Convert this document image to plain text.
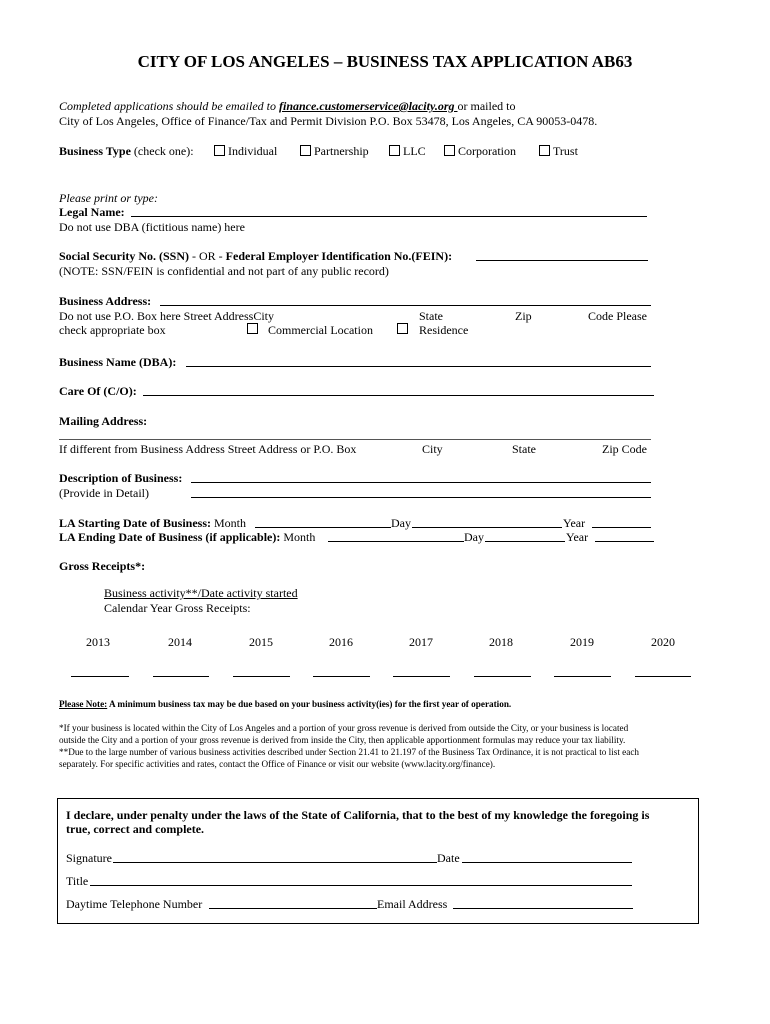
CITY OF LOS ANGELES – BUSINESS TAX APPLICATION AB63
Completed applications should be emailed to finance.customerservice@lacity.org or mailed to
City of Los Angeles, Office of Finance/Tax and Permit Division P.O. Box 53478, Los Angeles, CA 90053-0478.
Business Type (check one):	Individual	Partnership	LLC	Corporation	Trust
Please print or type:
Legal Name:
Do not use DBA (fictitious name) here
Social Security No. (SSN) - OR - Federal Employer Identification No.(FEIN):
(NOTE: SSN/FEIN is confidential and not part of any public record)
Business Address:
Do not use P.O. Box here Street AddressCity	State	Zip	Code Please
check appropriate box	Commercial Location	Residence
Business Name (DBA):
Care Of (C/O):
Mailing Address:
If different from Business Address Street Address or P.O. Box	City	State	Zip Code
Description of Business:
(Provide in Detail)
LA Starting Date of Business: Month	Day	Year
LA Ending Date of Business (if applicable): Month	Day	Year
Gross Receipts*:
Business activity**/Date activity started
Calendar Year Gross Receipts:
2013	2014	2015	2016	2017	2018	2019	2020
Please Note: A minimum business tax may be due based on your business activity(ies) for the first year of operation.
*If your business is located within the City of Los Angeles and a portion of your gross revenue is derived from outside the City, or your business is located
outside the City and a portion of your gross revenue is derived from inside the City, then applicable apportionment formulas may reduce your tax liability.
**Due to the large number of various business activities described under Section 21.41 to 21.197 of the Business Tax Ordinance, it is not practical to list each
separately. For specific activities and rates, contact the Office of Finance or visit our website (www.lacity.org/finance).
I declare, under penalty under the laws of the State of California, that to the best of my knowledge the foregoing is
true, correct and complete.
Signature	Date
Title
Daytime Telephone Number	Email Address
